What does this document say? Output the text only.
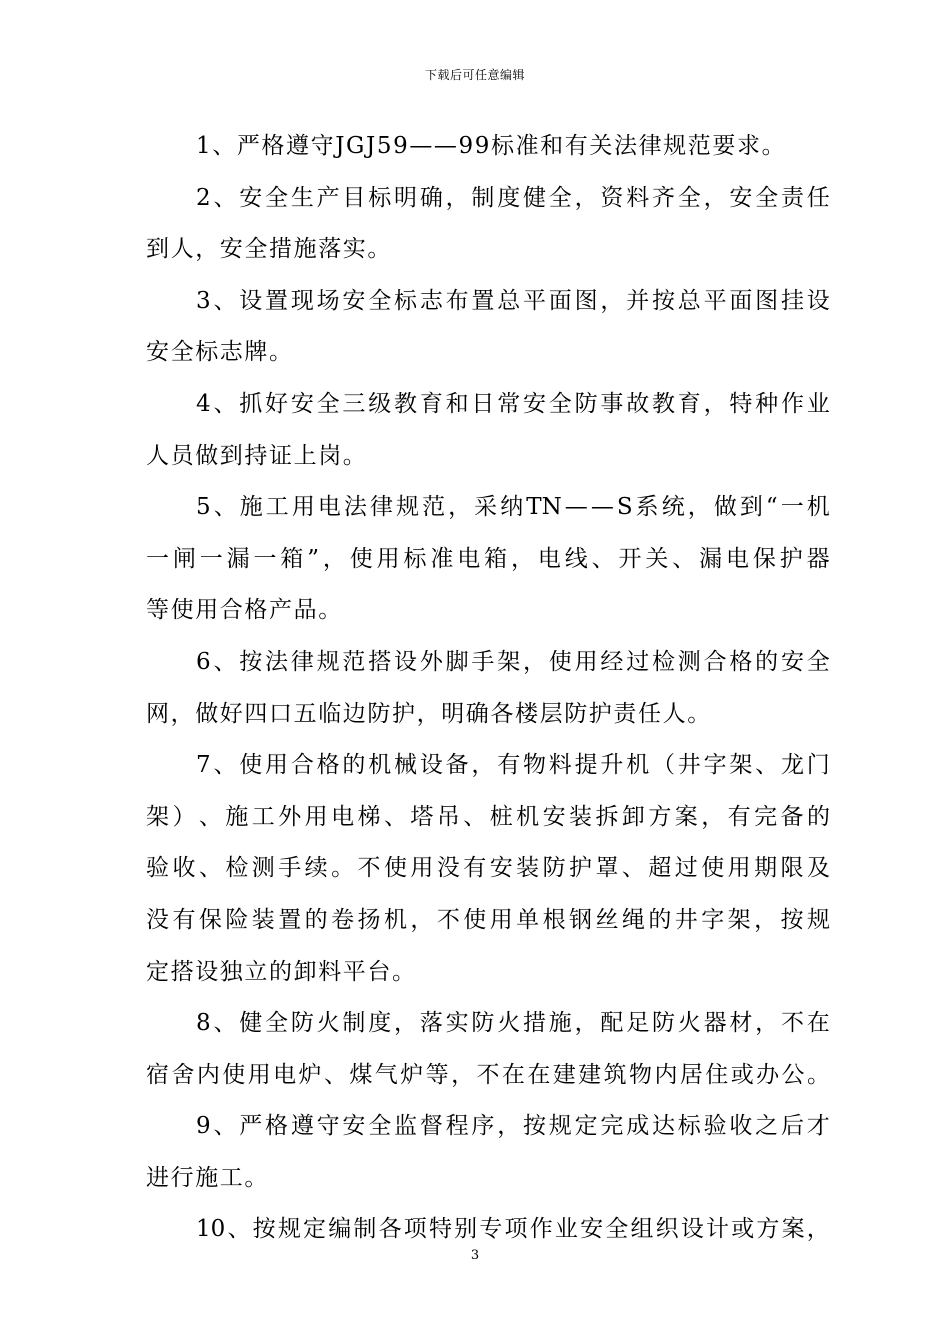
下载后可任意编辑
1、严格遵守JGJ59——99标准和有关法律规范要求。
2 、 安 全 生 产 目 标 明 确 ， 制 度 健 全 ， 资 料 齐 全 ， 安 全 责 任
到人，安全措施落实。
3 、 设 置 现 场 安 全 标 志 布 置 总 平 面 图 ， 并 按 总 平 面 图 挂 设
安全标志牌。
4 、 抓 好 安 全 三 级 教 育 和 日 常 安 全 防 事 故 教 育 ， 特 种 作 业
人员做到持证上岗。
5 、 施 工 用 电 法 律 规 范 ， 采 纳 TN — — S 系 统 ， 做 到 “ 一 机
一 闸 一 漏 一 箱 ” ， 使 用 标 准 电 箱 ， 电 线 、 开 关 、 漏 电 保 护 器
等使用合格产品。
6 、 按 法 律 规 范 搭 设 外 脚 手 架 ， 使 用 经 过 检 测 合 格 的 安 全
网，做好四口五临边防护，明确各楼层防护责任人。
7 、 使 用 合 格 的 机 械 设 备 ， 有 物 料 提 升 机 （ 井 字 架 、 龙 门
架 ） 、 施 工 外 用 电 梯 、 塔 吊 、 桩 机 安 装 拆 卸 方 案 ， 有 完 备 的
验 收 、 检 测 手 续 。 不 使 用 没 有 安 装 防 护 罩 、 超 过 使 用 期 限 及
没 有 保 险 装 置 的 卷 扬 机 ， 不 使 用 单 根 钢 丝 绳 的 井 字 架 ， 按 规
定搭设独立的卸料平台。
8 、 健 全 防 火 制 度 ， 落 实 防 火 措 施 ， 配 足 防 火 器 材 ， 不 在
宿 舍 内 使 用 电 炉 、 煤 气 炉 等 ， 不 在 在 建 建 筑 物 内 居 住 或 办 公 。
9 、 严 格 遵 守 安 全 监 督 程 序 ， 按 规 定 完 成 达 标 验 收 之 后 才
进行施工。
10 、 按 规 定 编 制 各 项 特 别 专 项 作 业 安 全 组 织 设 计 或 方 案 ，
3
